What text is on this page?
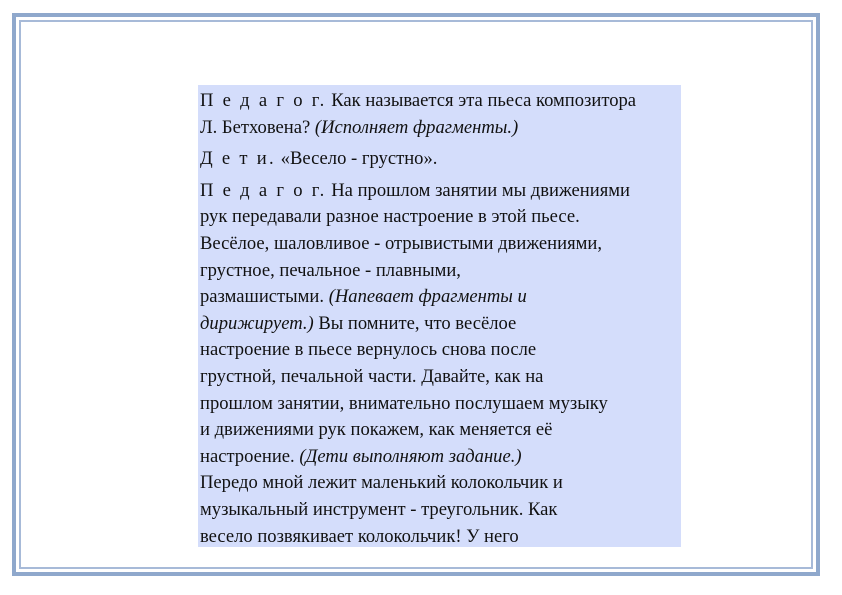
П е д а г о г. Как называется эта пьеса композитора
Л. Бетховена? (Исполняет фрагменты.)

Д е т и. «Весело - грустно».

П е д а г о г. На прошлом занятии мы движениями
рук передавали разное настроение в этой пьесе.
Весёлое, шаловливое - отрывистыми движениями,
грустное, печальное - плавными,
размашистыми. (Напевает фрагменты и
дирижирует.) Вы помните, что весёлое
настроение в пьесе вернулось снова после
грустной, печальной части. Давайте, как на
прошлом занятии, внимательно послушаем музыку
и движениями рук покажем, как меняется её
настроение. (Дети выполняют задание.)
Передо мной лежит маленький колокольчик и
музыкальный инструмент - треугольник. Как
весело позвякивает колокольчик! У него
